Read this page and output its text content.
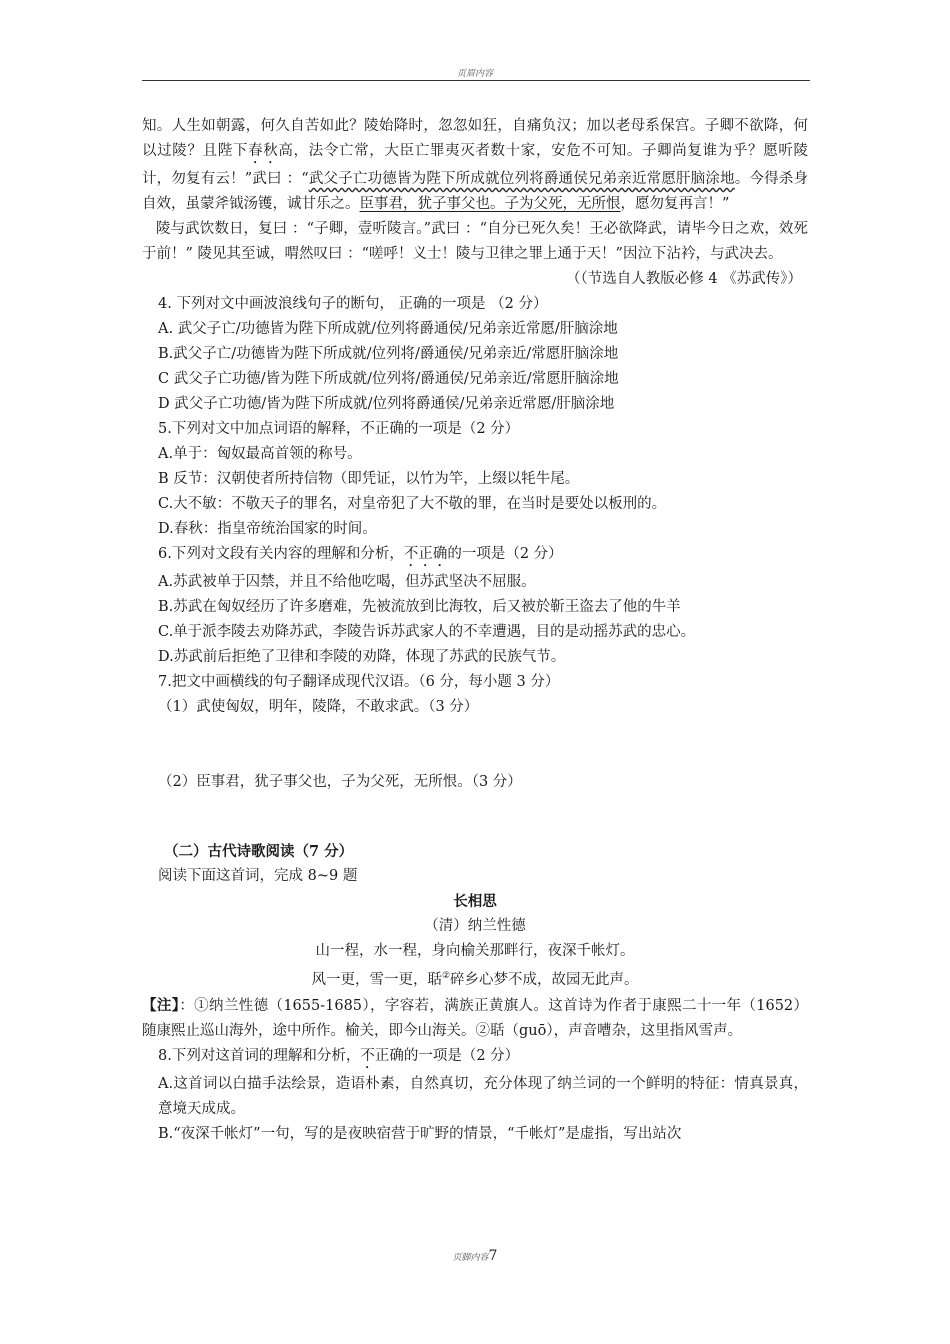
页眉内容

知。人生如朝露，何久自苦如此？陵始降时，忽忽如狂，自痛负汉；加以老母系保宫。子卿不欲降，何以过陵？且陛下春秋高，法令亡常，大臣亡罪夷灭者数十家，安危不可知。子卿尚复谁为乎？愿听陵计，勿复有云！”武曰 ：“武父子亡功德皆为陛下所成就位列将爵通侯兄弟亲近常愿肝脑涂地。今得杀身自效，虽蒙斧钺汤镬，诚甘乐之。臣事君，犹子事父也。子为父死，无所恨，愿勿复再言！”

陵与武饮数日，复曰 ：“子卿，壹听陵言。”武曰 ：“自分已死久矣！王必欲降武，请毕今日之欢，效死于前！” 陵见其至诚，喟然叹曰 ：“嗟呼！义士！陵与卫律之罪上通于天！”因泣下沾衿，与武决去。

（（节选自人教版必修 4 《苏武传》）

4. 下列对文中画波浪线句子的断句， 正确的一项是 （2 分）

A. 武父子亡/功德皆为陛下所成就/位列将爵通侯/兄弟亲近常愿/肝脑涂地

B.武父子亡/功德皆为陛下所成就/位列将/爵通侯/兄弟亲近/常愿肝脑涂地

C 武父子亡功德/皆为陛下所成就/位列将/爵通侯/兄弟亲近/常愿肝脑涂地

D 武父子亡功德/皆为陛下所成就/位列将爵通侯/兄弟亲近常愿/肝脑涂地

5.下列对文中加点词语的解释，不正确的一项是（2 分）

A.单于：匈奴最高首领的称号。

B 反节：汉朝使者所持信物（即凭证，以竹为竿，上缀以牦牛尾。

C.大不敏：不敬天子的罪名，对皇帝犯了大不敬的罪，在当时是要处以板刑的。

D.春秋：指皇帝统治国家的时间。

6.下列对文段有关内容的理解和分析，不正确的一项是（2 分）

A.苏武被单于囚禁，并且不给他吃喝，但苏武坚决不屈服。

B.苏武在匈奴经历了许多磨难，先被流放到比海牧，后又被於靳王盗去了他的牛羊

C.单于派李陵去劝降苏武，李陵告诉苏武家人的不幸遭遇，目的是动摇苏武的忠心。

D.苏武前后拒绝了卫律和李陵的劝降，体现了苏武的民族气节。

7.把文中画横线的句子翻译成现代汉语。（6 分，每小题 3 分）

（1）武使匈奴，明年，陵降，不敢求武。（3 分）

（2）臣事君，犹子事父也，子为父死，无所恨。（3 分）

（二）古代诗歌阅读（7 分）

阅读下面这首词，完成 8~9 题

长相思

（清）纳兰性德

山一程，水一程，身向榆关那畔行，夜深千帐灯。

风一更，雪一更，聒②碎乡心梦不成，故园无此声。

【注】：①纳兰性德（1655-1685），字容若，满族正黄旗人。这首诗为作者于康熙二十一年（1652）随康熙止巡山海外，途中所作。榆关，即今山海关。②聒（guō），声音嘈杂，这里指风雪声。

8.下列对这首词的理解和分析，不正确的一项是（2 分）

A.这首词以白描手法绘景，造语朴素，自然真切，充分体现了纳兰词的一个鲜明的特征：情真景真，意境天成成。

B.“夜深千帐灯”一句，写的是夜映宿营于旷野的情景，“千帐灯”是虚指，写出站次

页脚内容7
